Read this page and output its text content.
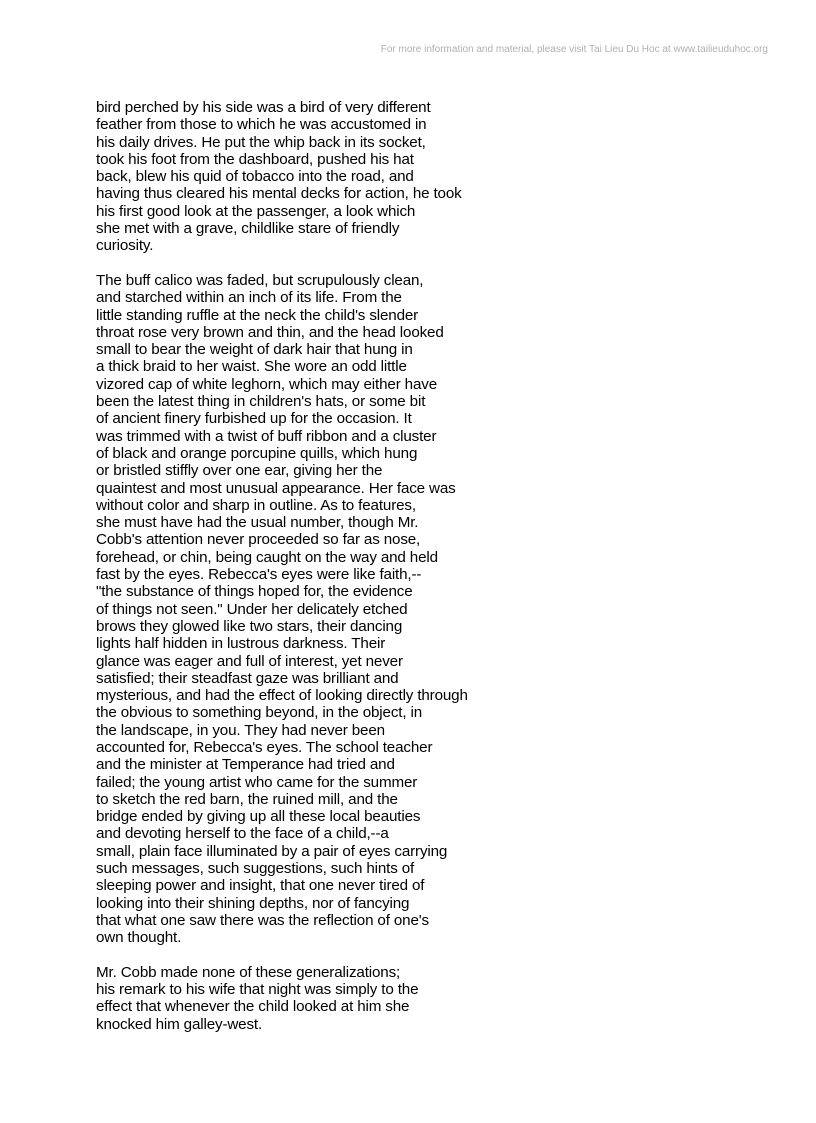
For more information and material, please visit Tai Lieu Du Hoc at www.tailieuduhoc.org
bird perched by his side was a bird of very different
feather from those to which he was accustomed in
his daily drives. He put the whip back in its socket,
took his foot from the dashboard, pushed his hat
back, blew his quid of tobacco into the road, and
having thus cleared his mental decks for action, he took
his first good look at the passenger, a look which
she met with a grave, childlike stare of friendly
curiosity.
The buff calico was faded, but scrupulously clean,
and starched within an inch of its life. From the
little standing ruffle at the neck the child's slender
throat rose very brown and thin, and the head looked
small to bear the weight of dark hair that hung in
a thick braid to her waist. She wore an odd little
vizored cap of white leghorn, which may either have
been the latest thing in children's hats, or some bit
of ancient finery furbished up for the occasion. It
was trimmed with a twist of buff ribbon and a cluster
of black and orange porcupine quills, which hung
or bristled stiffly over one ear, giving her the
quaintest and most unusual appearance. Her face was
without color and sharp in outline. As to features,
she must have had the usual number, though Mr.
Cobb's attention never proceeded so far as nose,
forehead, or chin, being caught on the way and held
fast by the eyes. Rebecca's eyes were like faith,--
"the substance of things hoped for, the evidence
of things not seen." Under her delicately etched
brows they glowed like two stars, their dancing
lights half hidden in lustrous darkness. Their
glance was eager and full of interest, yet never
satisfied; their steadfast gaze was brilliant and
mysterious, and had the effect of looking directly through
the obvious to something beyond, in the object, in
the landscape, in you. They had never been
accounted for, Rebecca's eyes. The school teacher
and the minister at Temperance had tried and
failed; the young artist who came for the summer
to sketch the red barn, the ruined mill, and the
bridge ended by giving up all these local beauties
and devoting herself to the face of a child,--a
small, plain face illuminated by a pair of eyes carrying
such messages, such suggestions, such hints of
sleeping power and insight, that one never tired of
looking into their shining depths, nor of fancying
that what one saw there was the reflection of one's
own thought.
Mr. Cobb made none of these generalizations;
his remark to his wife that night was simply to the
effect that whenever the child looked at him she
knocked him galley-west.
